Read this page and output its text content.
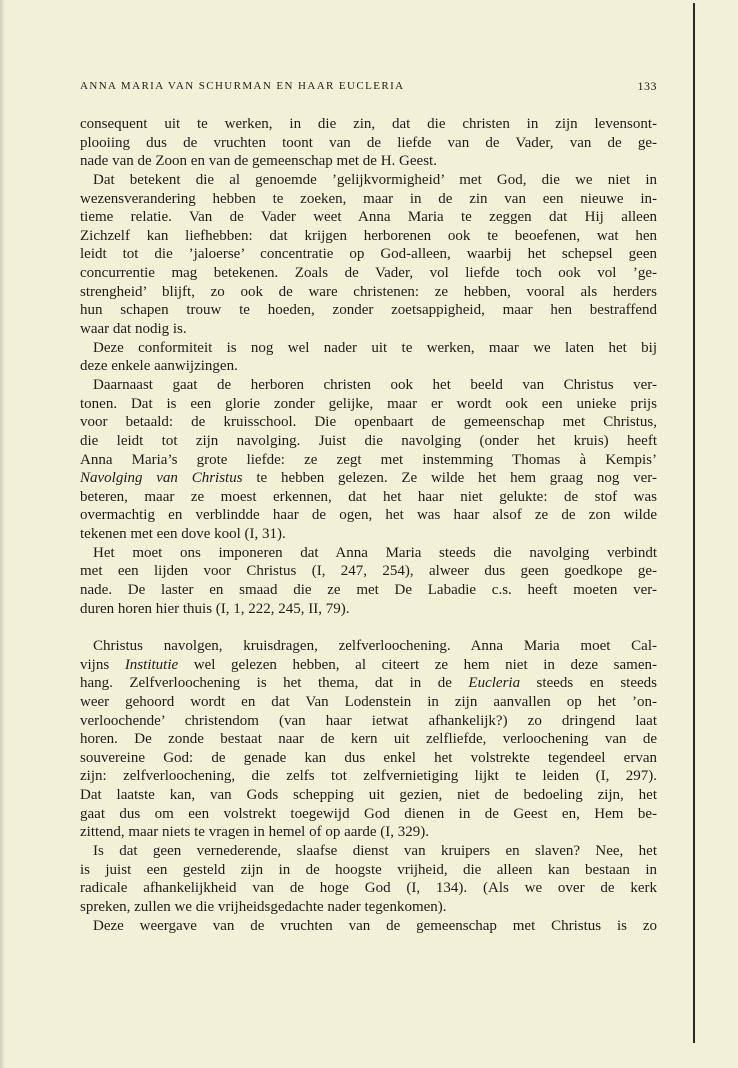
ANNA MARIA VAN SCHURMAN EN HAAR EUCLERIA	133
consequent uit te werken, in die zin, dat die christen in zijn levensont-
plooiing dus de vruchten toont van de liefde van de Vader, van de ge-
nade van de Zoon en van de gemeenschap met de H. Geest.
Dat betekent die al genoemde ’gelijkvormigheid’ met God, die we niet in
wezensverandering hebben te zoeken, maar in de zin van een nieuwe in-
tieme relatie. Van de Vader weet Anna Maria te zeggen dat Hij alleen
Zichzelf kan liefhebben: dat krijgen herborenen ook te beoefenen, wat hen
leidt tot die ’jaloerse’ concentratie op God-alleen, waarbij het schepsel geen
concurrentie mag betekenen. Zoals de Vader, vol liefde toch ook vol ’ge-
strengheid’ blijft, zo ook de ware christenen: ze hebben, vooral als herders
hun schapen trouw te hoeden, zonder zoetsappigheid, maar hen bestraffend
waar dat nodig is.
Deze conformiteit is nog wel nader uit te werken, maar we laten het bij
deze enkele aanwijzingen.
Daarnaast gaat de herboren christen ook het beeld van Christus ver-
tonen. Dat is een glorie zonder gelijke, maar er wordt ook een unieke prijs
voor betaald: de kruisschool. Die openbaart de gemeenschap met Christus,
die leidt tot zijn navolging. Juist die navolging (onder het kruis) heeft
Anna Maria’s grote liefde: ze zegt met instemming Thomas à Kempis’
Navolging van Christus te hebben gelezen. Ze wilde het hem graag nog ver-
beteren, maar ze moest erkennen, dat het haar niet gelukte: de stof was
overmachtig en verblindde haar de ogen, het was haar alsof ze de zon wilde
tekenen met een dove kool (I, 31).
Het moet ons imponeren dat Anna Maria steeds die navolging verbindt
met een lijden voor Christus (I, 247, 254), alweer dus geen goedkope ge-
nade. De laster en smaad die ze met De Labadie c.s. heeft moeten ver-
duren horen hier thuis (I, 1, 222, 245, II, 79).
Christus navolgen, kruisdragen, zelfverloochening. Anna Maria moet Cal-
vijns Institutie wel gelezen hebben, al citeert ze hem niet in deze samen-
hang. Zelfverloochening is het thema, dat in de Eucleria steeds en steeds
weer gehoord wordt en dat Van Lodenstein in zijn aanvallen op het ’on-
verloochende’ christendom (van haar ietwat afhankelijk?) zo dringend laat
horen. De zonde bestaat naar de kern uit zelfliefde, verloochening van de
souvereine God: de genade kan dus enkel het volstrekte tegendeel ervan
zijn: zelfverloochening, die zelfs tot zelfvernietiging lijkt te leiden (I, 297).
Dat laatste kan, van Gods schepping uit gezien, niet de bedoeling zijn, het
gaat dus om een volstrekt toegewijd God dienen in de Geest en, Hem be-
zittend, maar niets te vragen in hemel of op aarde (I, 329).
Is dat geen vernederende, slaafse dienst van kruipers en slaven? Nee, het
is juist een gesteld zijn in de hoogste vrijheid, die alleen kan bestaan in
radicale afhankelijkheid van de hoge God (I, 134). (Als we over de kerk
spreken, zullen we die vrijheidsgedachte nader tegenkomen).
Deze weergave van de vruchten van de gemeenschap met Christus is zo
